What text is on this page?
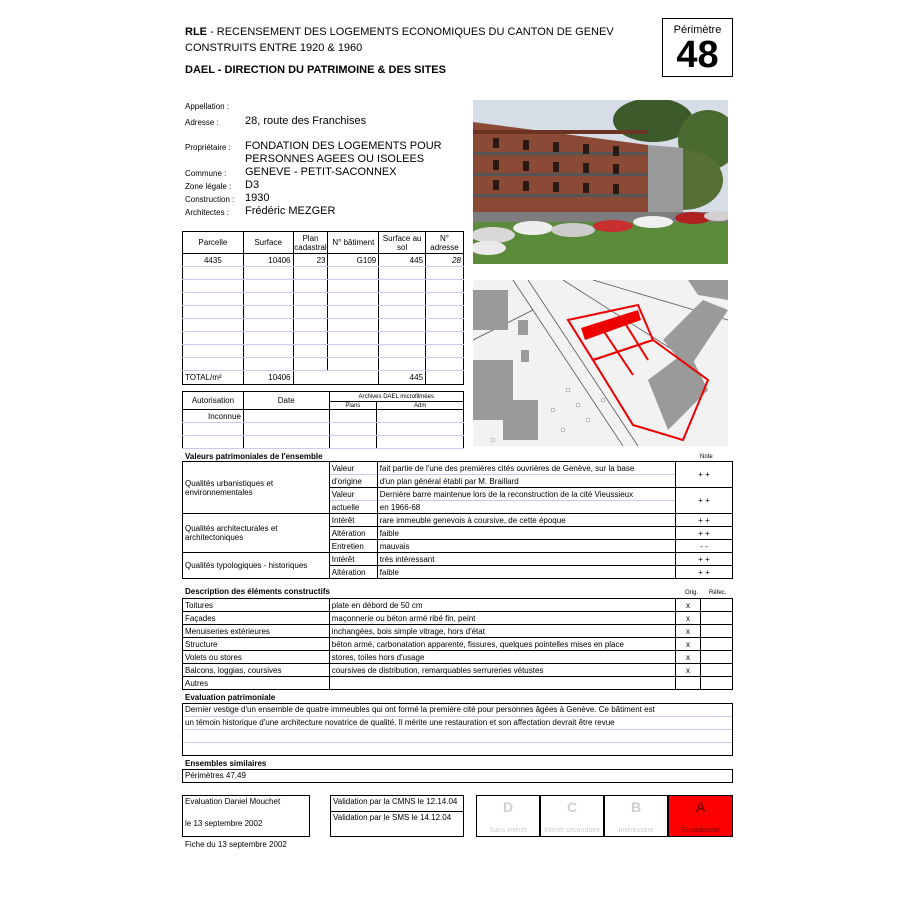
RLE - RECENSEMENT DES LOGEMENTS ECONOMIQUES DU CANTON DE GENEV
CONSTRUITS ENTRE 1920 & 1960
DAEL - DIRECTION DU PATRIMOINE & DES SITES
Périmètre
48
Appellation :
Adresse : 28, route des Franchises
Propriétaire : FONDATION DES LOGEMENTS POUR
PERSONNES AGEES OU ISOLEES
Commune : GENEVE - PETIT-SACONNEX
Zone légale : D3
Construction : 1930
Architectes : Frédéric MEZGER
Parcelle	Surface	Plan cadastral	N° bâtiment	Surface au sol	N° adresse
4435	10406	23	G109	445	28

TOTAL/m²	10406			445	
Autorisation	Date	Archives DAEL microfilmées	
		Plans	Adm
Inconnue			

Valeurs patrimoniales de l'ensemble	Note
Qualités urbanistiques et environnementales	Valeur	fait partie de l'une des premières cités ouvrières de Genève, sur la base	+ +
	d'origine	d'un plan général établi par M. Braillard	
	Valeur	Dernière barre maintenue lors de la reconstruction de la cité Vieussieux	+ +
	actuelle	en 1966-68	
Qualités architecturales et architectoniques	Intérêt	rare immeuble genevois à coursive, de cette époque	+ +
	Altération	faible	+ +
	Entretien	mauvais	- -
Qualités typologiques - historiques	Intérêt	très intéressant	+ +
	Altération	faible	+ +
Description des éléments constructifs	Orig. Réfec.
Toitures	plate en débord de 50 cm	x	
Façades	maçonnerie ou béton armé ribé fin, peint	x	
Menuiseries extérieures	inchangées, bois simple vitrage, hors d'état	x	
Structure	béton armé, carbonatation apparente, fissures, quelques pointelles mises en place	x	
Volets ou stores	stores, toiles hors d'usage	x	
Balcons, loggias, coursives	coursives de distribution, remarquables serrureries vétustes	x	
Autres			
Evaluation patrimoniale
Dernier vestige d'un ensemble de quatre immeubles qui ont formé la première cité pour personnes âgées à Genève. Ce bâtiment est
un témoin historique d'une architecture novatrice de qualité. Il mérite une restauration et son affectation devrait être revue
Ensembles similaires
Périmètres 47,49
Evaluation Daniel Mouchet
le 13 septembre 2002
Validation par la CMNS le 12.14.04
Validation par le SMS le 14.12.04
Fiche du 13 septembre 2002
D
Sans intérêt
C
Intérêt secondaire
B
Intéressant
A
Exceptionnel
